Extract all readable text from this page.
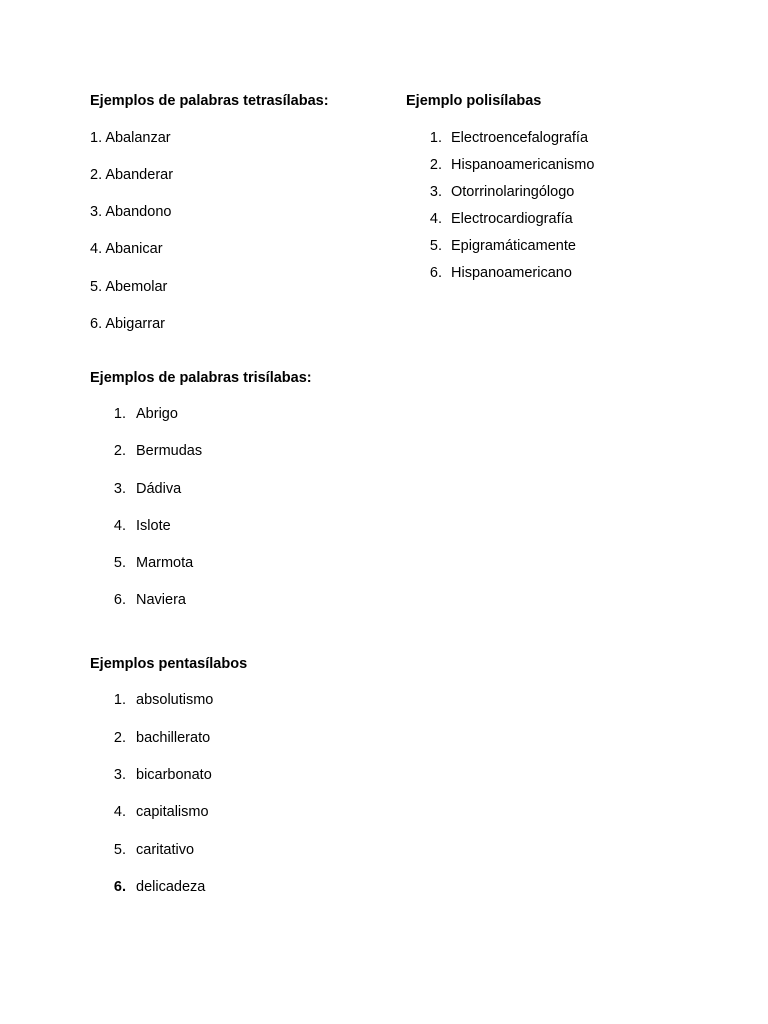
Ejemplos de palabras tetrasílabas:
1. Abalanzar
2. Abanderar
3. Abandono
4. Abanicar
5. Abemolar
6. Abigarrar
Ejemplo polisílabas
1. Electroencefalografía
2. Hispanoamericanismo
3. Otorrinolaringólogo
4. Electrocardiografía
5. Epigramáticamente
6. Hispanoamericano
Ejemplos de palabras trisílabas:
1. Abrigo
2. Bermudas
3. Dádiva
4. Islote
5. Marmota
6. Naviera
Ejemplos pentasílabos
1. absolutismo
2. bachillerato
3. bicarbonato
4. capitalismo
5. caritativo
6. delicadeza
